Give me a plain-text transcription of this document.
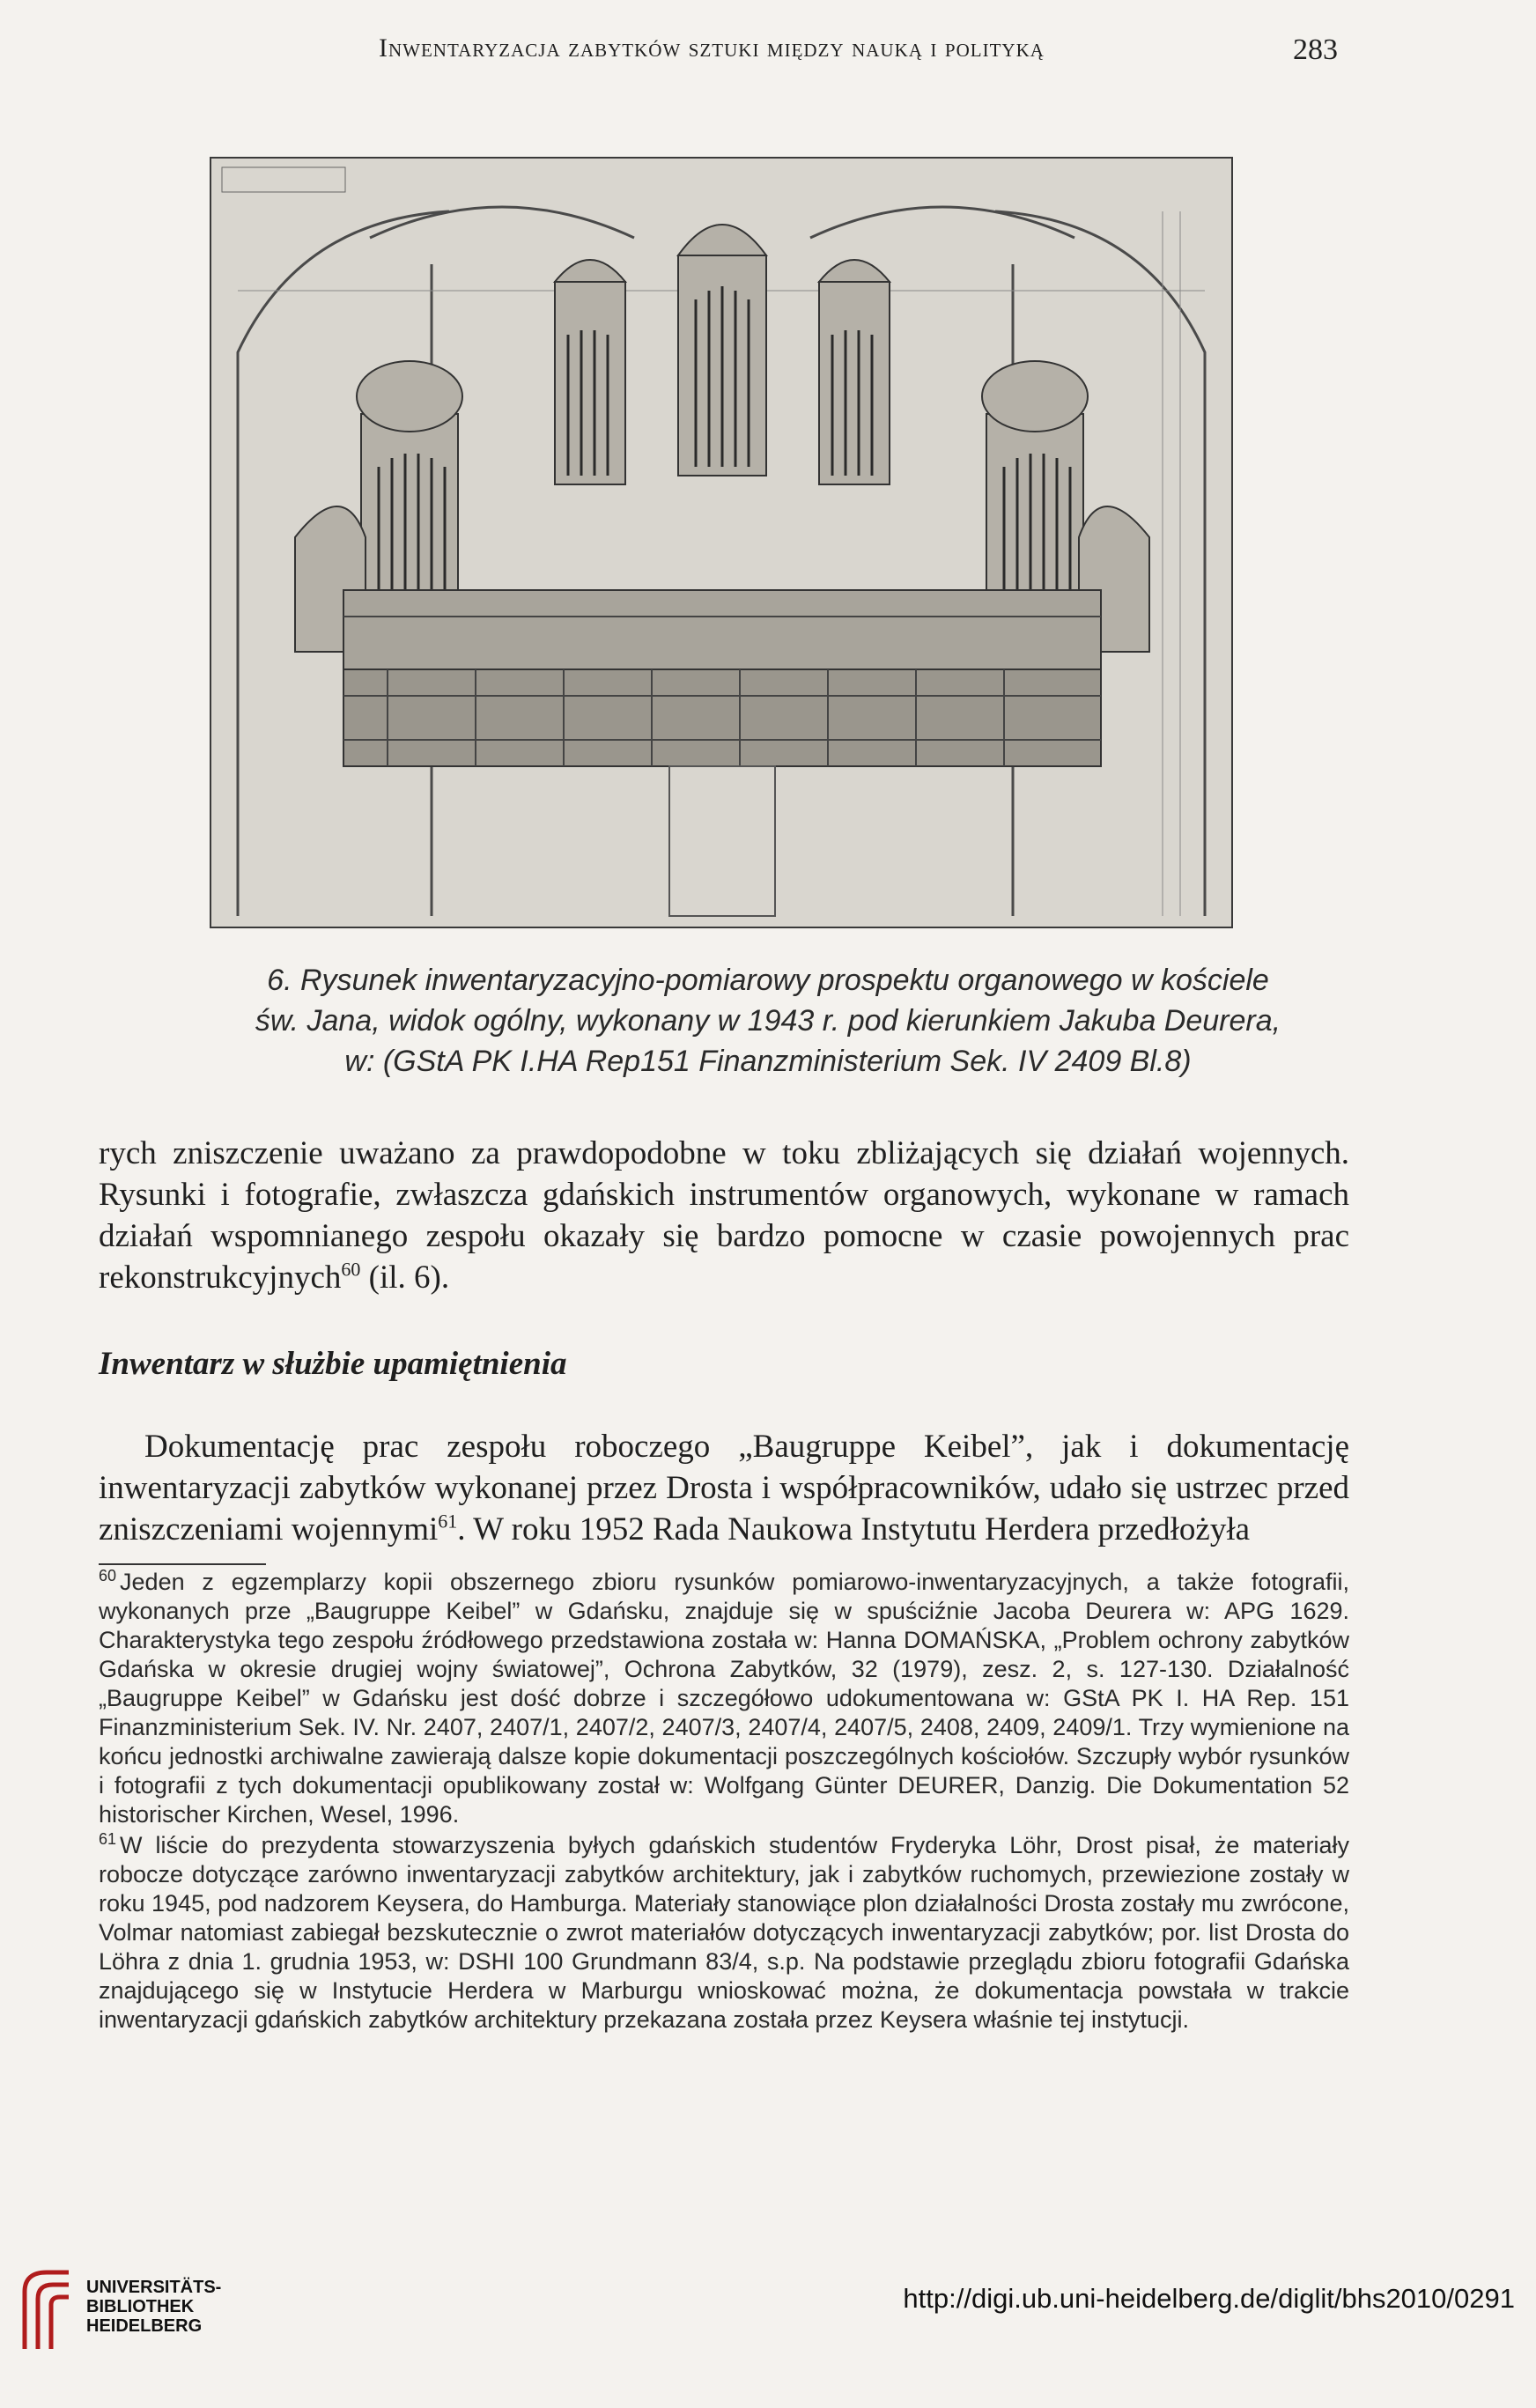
Inwentaryzacja zabytków sztuki między nauką i polityką	283
6. Rysunek inwentaryzacyjno-pomiarowy prospektu organowego w kościele
św. Jana, widok ogólny, wykonany w 1943 r. pod kierunkiem Jakuba Deurera,
w: (GStA PK I.HA Rep151 Finanzministerium Sek. IV 2409 Bl.8)

rych zniszczenie uważano za prawdopodobne w toku zbliżających się działań wojennych. Rysunki i fotografie, zwłaszcza gdańskich instrumentów organowych, wykonane w ramach działań wspomnianego zespołu okazały się bardzo pomocne w czasie powojennych prac rekonstrukcyjnych$^{60}$ (il. 6).

Inwentarz w służbie upamiętnienia

Dokumentację prac zespołu roboczego „Baugruppe Keibel”, jak i dokumentację inwentaryzacji zabytków wykonanej przez Drosta i współpracowników, udało się ustrzec przed zniszczeniami wojennymi$^{61}$. W roku 1952 Rada Naukowa Instytutu Herdera przedłożyła

$^{60}$ Jeden z egzemplarzy kopii obszernego zbioru rysunków pomiarowo-inwentaryzacyjnych, a także fotografii, wykonanych prze „Baugruppe Keibel” w Gdańsku, znajduje się w spuściźnie Jacoba Deurera w: APG 1629. Charakterystyka tego zespołu źródłowego przedstawiona została w: Hanna DOMAŃSKA, „Problem ochrony zabytków Gdańska w okresie drugiej wojny światowej”, Ochrona Zabytków, 32 (1979), zesz. 2, s. 127-130. Działalność „Baugruppe Keibel” w Gdańsku jest dość dobrze i szczegółowo udokumentowana w: GStA PK I. HA Rep. 151 Finanzministerium Sek. IV. Nr. 2407, 2407/1, 2407/2, 2407/3, 2407/4, 2407/5, 2408, 2409, 2409/1. Trzy wymienione na końcu jednostki archiwalne zawierają dalsze kopie dokumentacji poszczególnych kościołów. Szczupły wybór rysunków i fotografii z tych dokumentacji opublikowany został w: Wolfgang Günter DEURER, Danzig. Die Dokumentation 52 historischer Kirchen, Wesel, 1996.

$^{61}$ W liście do prezydenta stowarzyszenia byłych gdańskich studentów Fryderyka Löhr, Drost pisał, że materiały robocze dotyczące zarówno inwentaryzacji zabytków architektury, jak i zabytków ruchomych, przewiezione zostały w roku 1945, pod nadzorem Keysera, do Hamburga. Materiały stanowiące plon działalności Drosta zostały mu zwrócone, Volmar natomiast zabiegał bezskutecznie o zwrot materiałów dotyczących inwentaryzacji zabytków; por. list Drosta do Löhra z dnia 1. grudnia 1953, w: DSHI 100 Grundmann 83/4, s.p. Na podstawie przeglądu zbioru fotografii Gdańska znajdującego się w Instytucie Herdera w Marburgu wnioskować można, że dokumentacja powstała w trakcie inwentaryzacji gdańskich zabytków architektury przekazana została przez Keysera właśnie tej instytucji.

UNIVERSITÄTS-
BIBLIOTHEK
HEIDELBERG
http://digi.ub.uni-heidelberg.de/diglit/bhs2010/0291
